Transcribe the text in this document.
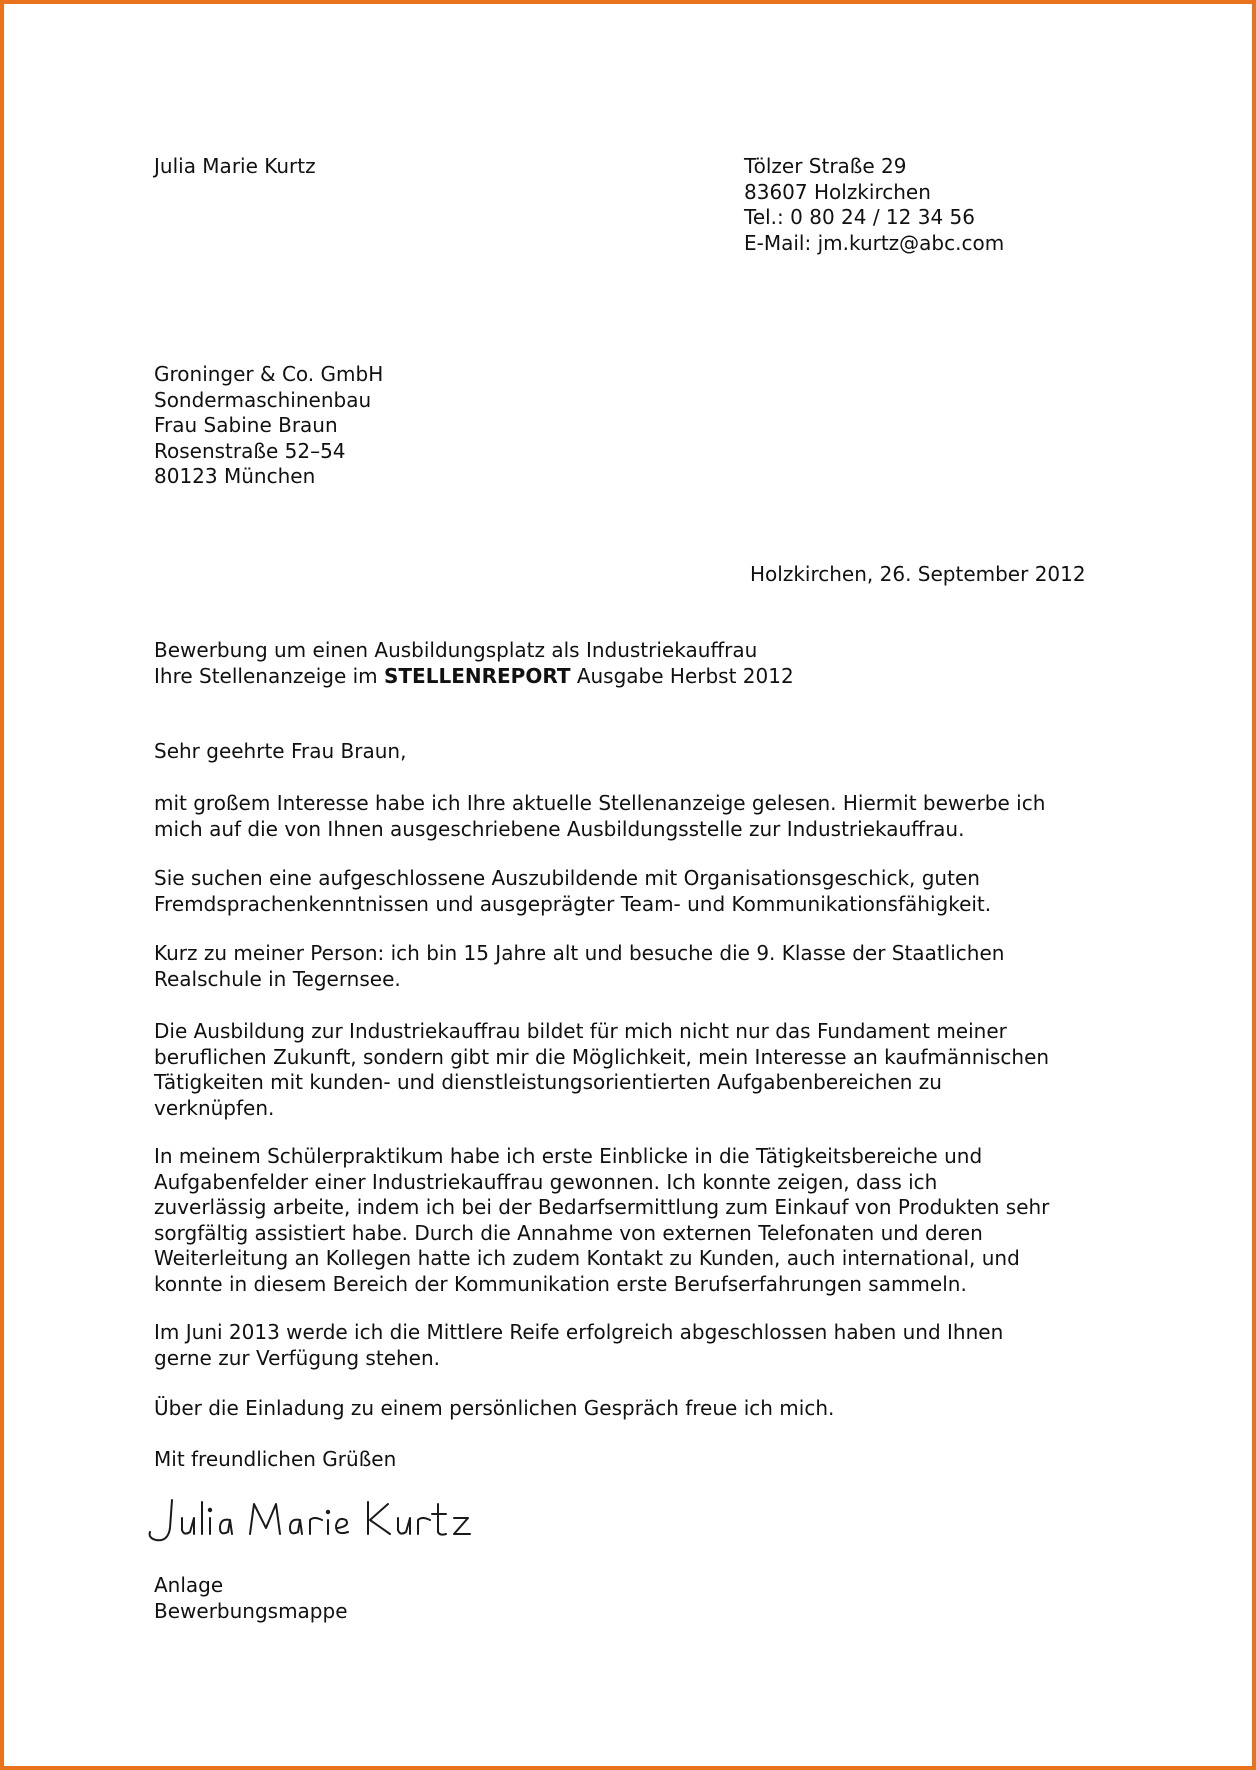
Julia Marie Kurtz	Tölzer Straße 29
83607 Holzkirchen
Tel.: 0 80 24 / 12 34 56
E-Mail: jm.kurtz@abc.com
Groninger & Co. GmbH
Sondermaschinenbau
Frau Sabine Braun
Rosenstraße 52–54
80123 München
Holzkirchen, 26. September 2012
Bewerbung um einen Ausbildungsplatz als Industriekauffrau
Ihre Stellenanzeige im STELLENREPORT Ausgabe Herbst 2012
Sehr geehrte Frau Braun,
mit großem Interesse habe ich Ihre aktuelle Stellenanzeige gelesen. Hiermit bewerbe ich
mich auf die von Ihnen ausgeschriebene Ausbildungsstelle zur Industriekauffrau.
Sie suchen eine aufgeschlossene Auszubildende mit Organisationsgeschick, guten
Fremdsprachenkenntnissen und ausgeprägter Team- und Kommunikationsfähigkeit.
Kurz zu meiner Person: ich bin 15 Jahre alt und besuche die 9. Klasse der Staatlichen
Realschule in Tegernsee.
Die Ausbildung zur Industriekauffrau bildet für mich nicht nur das Fundament meiner
beruflichen Zukunft, sondern gibt mir die Möglichkeit, mein Interesse an kaufmännischen
Tätigkeiten mit kunden- und dienstleistungsorientierten Aufgabenbereichen zu
verknüpfen.
In meinem Schülerpraktikum habe ich erste Einblicke in die Tätigkeitsbereiche und
Aufgabenfelder einer Industriekauffrau gewonnen. Ich konnte zeigen, dass ich
zuverlässig arbeite, indem ich bei der Bedarfsermittlung zum Einkauf von Produkten sehr
sorgfältig assistiert habe. Durch die Annahme von externen Telefonaten und deren
Weiterleitung an Kollegen hatte ich zudem Kontakt zu Kunden, auch international, und
konnte in diesem Bereich der Kommunikation erste Berufserfahrungen sammeln.
Im Juni 2013 werde ich die Mittlere Reife erfolgreich abgeschlossen haben und Ihnen
gerne zur Verfügung stehen.
Über die Einladung zu einem persönlichen Gespräch freue ich mich.
Mit freundlichen Grüßen
Anlage
Bewerbungsmappe
